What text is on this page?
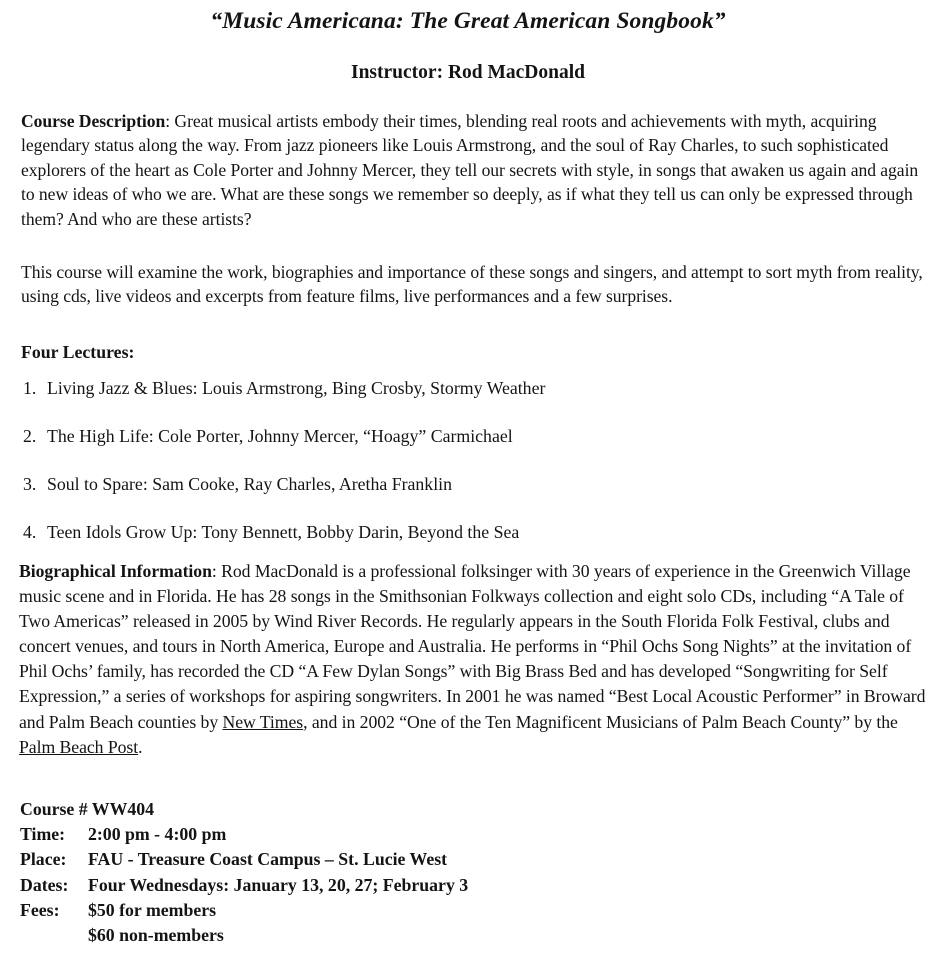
“Music Americana: The Great American Songbook”
Instructor: Rod MacDonald

Course Description: Great musical artists embody their times, blending real roots and achievements with myth, acquiring legendary status along the way. From jazz pioneers like Louis Armstrong, and the soul of Ray Charles, to such sophisticated explorers of the heart as Cole Porter and Johnny Mercer, they tell our secrets with style, in songs that awaken us again and again to new ideas of who we are. What are these songs we remember so deeply, as if what they tell us can only be expressed through them? And who are these artists?

This course will examine the work, biographies and importance of these songs and singers, and attempt to sort myth from reality, using cds, live videos and excerpts from feature films, live performances and a few surprises.

Four Lectures:
1. Living Jazz & Blues: Louis Armstrong, Bing Crosby, Stormy Weather
2. The High Life: Cole Porter, Johnny Mercer, “Hoagy” Carmichael
3. Soul to Spare: Sam Cooke, Ray Charles, Aretha Franklin
4. Teen Idols Grow Up: Tony Bennett, Bobby Darin, Beyond the Sea

Biographical Information: Rod MacDonald is a professional folksinger with 30 years of experience in the Greenwich Village music scene and in Florida. He has 28 songs in the Smithsonian Folkways collection and eight solo CDs, including “A Tale of Two Americas” released in 2005 by Wind River Records. He regularly appears in the South Florida Folk Festival, clubs and concert venues, and tours in North America, Europe and Australia. He performs in “Phil Ochs Song Nights” at the invitation of Phil Ochs’ family, has recorded the CD “A Few Dylan Songs” with Big Brass Bed and has developed “Songwriting for Self Expression,” a series of workshops for aspiring songwriters. In 2001 he was named “Best Local Acoustic Performer” in Broward and Palm Beach counties by New Times, and in 2002 “One of the Ten Magnificent Musicians of Palm Beach County” by the Palm Beach Post.

Course # WW404
Time:	2:00 pm - 4:00 pm
Place:	FAU - Treasure Coast Campus – St. Lucie West
Dates:	Four Wednesdays: January 13, 20, 27; February 3
Fees:	$50 for members
$60 non-members
